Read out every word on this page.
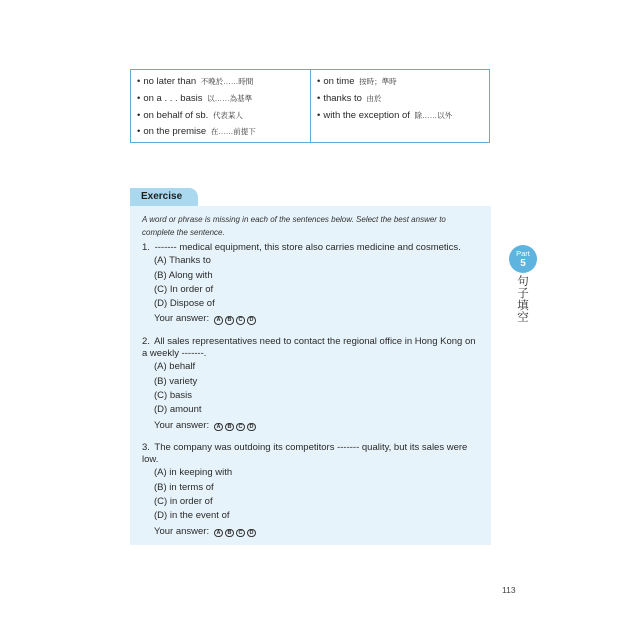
• no later than 不晚於……時間
• on a . . . basis 以……為基準
• on behalf of sb. 代表某人
• on the premise 在……前提下
• on time 按時；準時
• thanks to 由於
• with the exception of 除……以外
Exercise
A word or phrase is missing in each of the sentences below. Select the best answer to complete the sentence.
1. ------- medical equipment, this store also carries medicine and cosmetics.
(A) Thanks to
(B) Along with
(C) In order of
(D) Dispose of
Your answer: A B C D
2. All sales representatives need to contact the regional office in Hong Kong on a weekly -------.
(A) behalf
(B) variety
(C) basis
(D) amount
Your answer: A B C D
3. The company was outdoing its competitors ------- quality, but its sales were low.
(A) in keeping with
(B) in terms of
(C) in order of
(D) in the event of
Your answer: A B C D
Part
5
句子填空
113
